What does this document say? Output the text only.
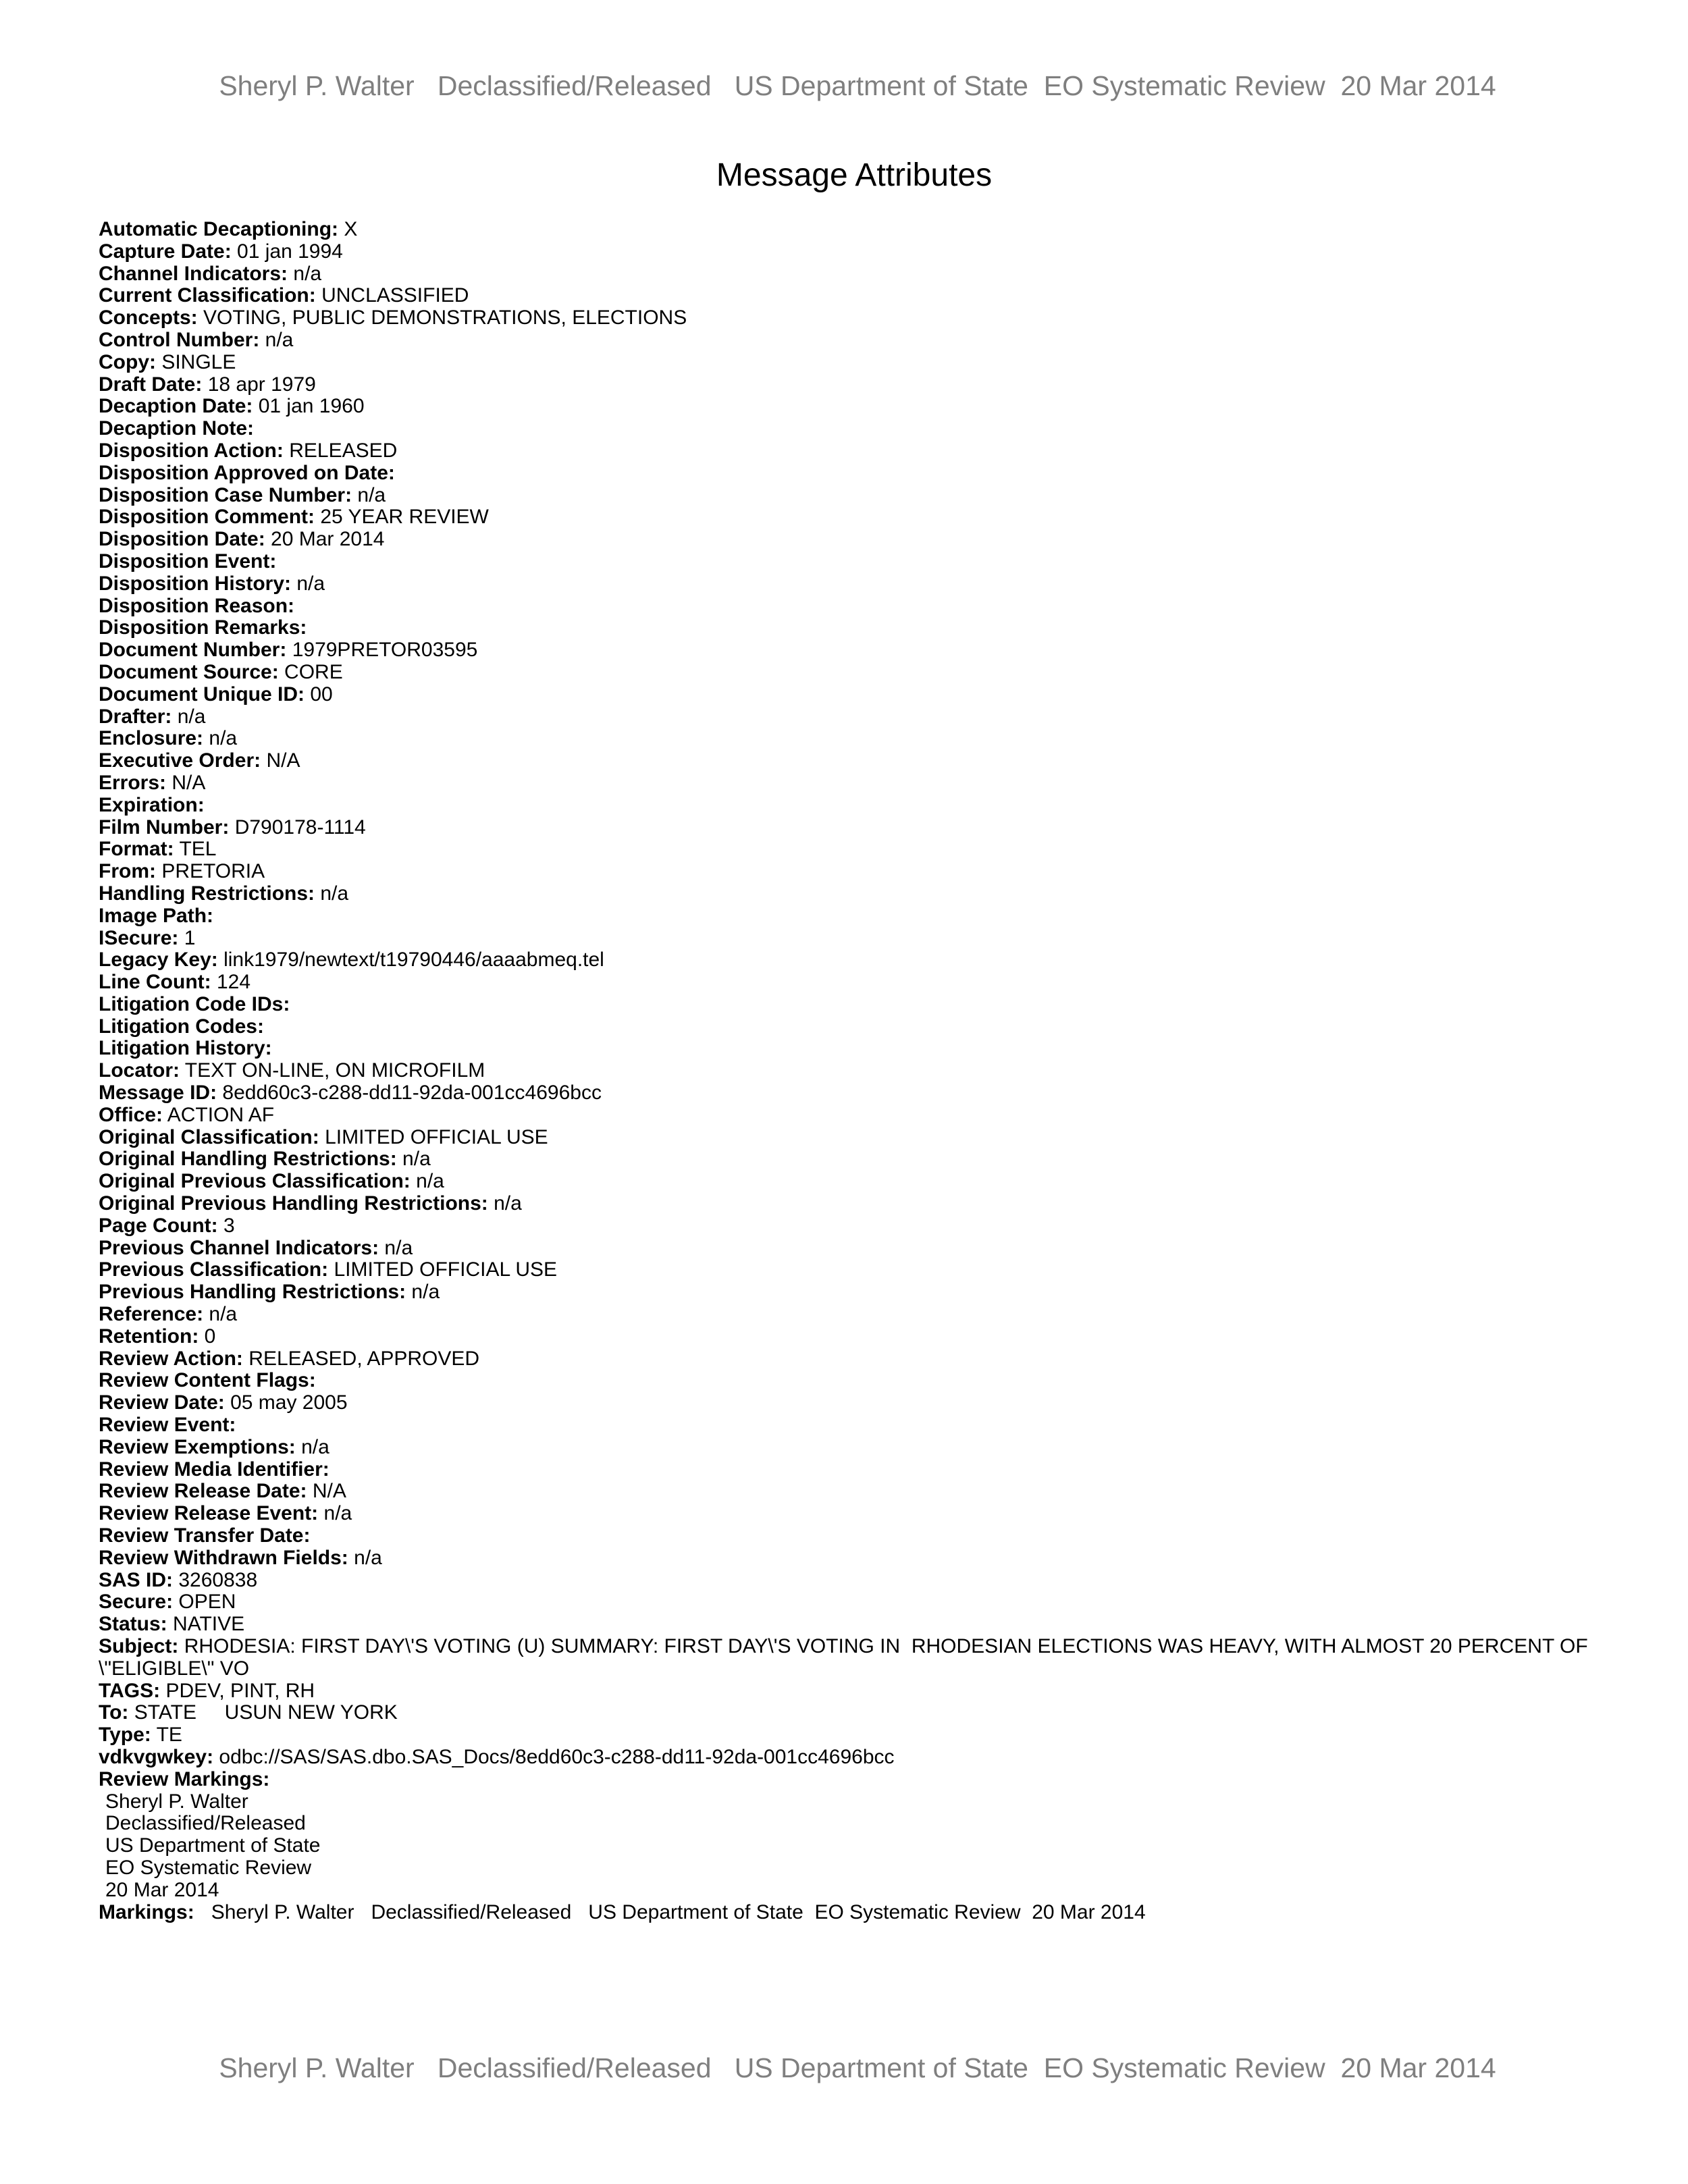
Sheryl P. Walter   Declassified/Released   US Department of State  EO Systematic Review  20 Mar 2014
Message Attributes
Automatic Decaptioning: X
Capture Date: 01 jan 1994
Channel Indicators: n/a
Current Classification: UNCLASSIFIED
Concepts: VOTING, PUBLIC DEMONSTRATIONS, ELECTIONS
Control Number: n/a
Copy: SINGLE
Draft Date: 18 apr 1979
Decaption Date: 01 jan 1960
Decaption Note:
Disposition Action: RELEASED
Disposition Approved on Date:
Disposition Case Number: n/a
Disposition Comment: 25 YEAR REVIEW
Disposition Date: 20 Mar 2014
Disposition Event:
Disposition History: n/a
Disposition Reason:
Disposition Remarks:
Document Number: 1979PRETOR03595
Document Source: CORE
Document Unique ID: 00
Drafter: n/a
Enclosure: n/a
Executive Order: N/A
Errors: N/A
Expiration:
Film Number: D790178-1114
Format: TEL
From: PRETORIA
Handling Restrictions: n/a
Image Path:
ISecure: 1
Legacy Key: link1979/newtext/t19790446/aaaabmeq.tel
Line Count: 124
Litigation Code IDs:
Litigation Codes:
Litigation History:
Locator: TEXT ON-LINE, ON MICROFILM
Message ID: 8edd60c3-c288-dd11-92da-001cc4696bcc
Office: ACTION AF
Original Classification: LIMITED OFFICIAL USE
Original Handling Restrictions: n/a
Original Previous Classification: n/a
Original Previous Handling Restrictions: n/a
Page Count: 3
Previous Channel Indicators: n/a
Previous Classification: LIMITED OFFICIAL USE
Previous Handling Restrictions: n/a
Reference: n/a
Retention: 0
Review Action: RELEASED, APPROVED
Review Content Flags:
Review Date: 05 may 2005
Review Event:
Review Exemptions: n/a
Review Media Identifier:
Review Release Date: N/A
Review Release Event: n/a
Review Transfer Date:
Review Withdrawn Fields: n/a
SAS ID: 3260838
Secure: OPEN
Status: NATIVE
Subject: RHODESIA: FIRST DAY\'S VOTING (U) SUMMARY: FIRST DAY\'S VOTING IN  RHODESIAN ELECTIONS WAS HEAVY, WITH ALMOST 20 PERCENT OF \"ELIGIBLE\" VO
TAGS: PDEV, PINT, RH
To: STATE     USUN NEW YORK
Type: TE
vdkvgwkey: odbc://SAS/SAS.dbo.SAS_Docs/8edd60c3-c288-dd11-92da-001cc4696bcc
Review Markings:
Sheryl P. Walter
Declassified/Released
US Department of State
EO Systematic Review
20 Mar 2014
Markings:   Sheryl P. Walter   Declassified/Released   US Department of State  EO Systematic Review  20 Mar 2014
Sheryl P. Walter   Declassified/Released   US Department of State  EO Systematic Review  20 Mar 2014
